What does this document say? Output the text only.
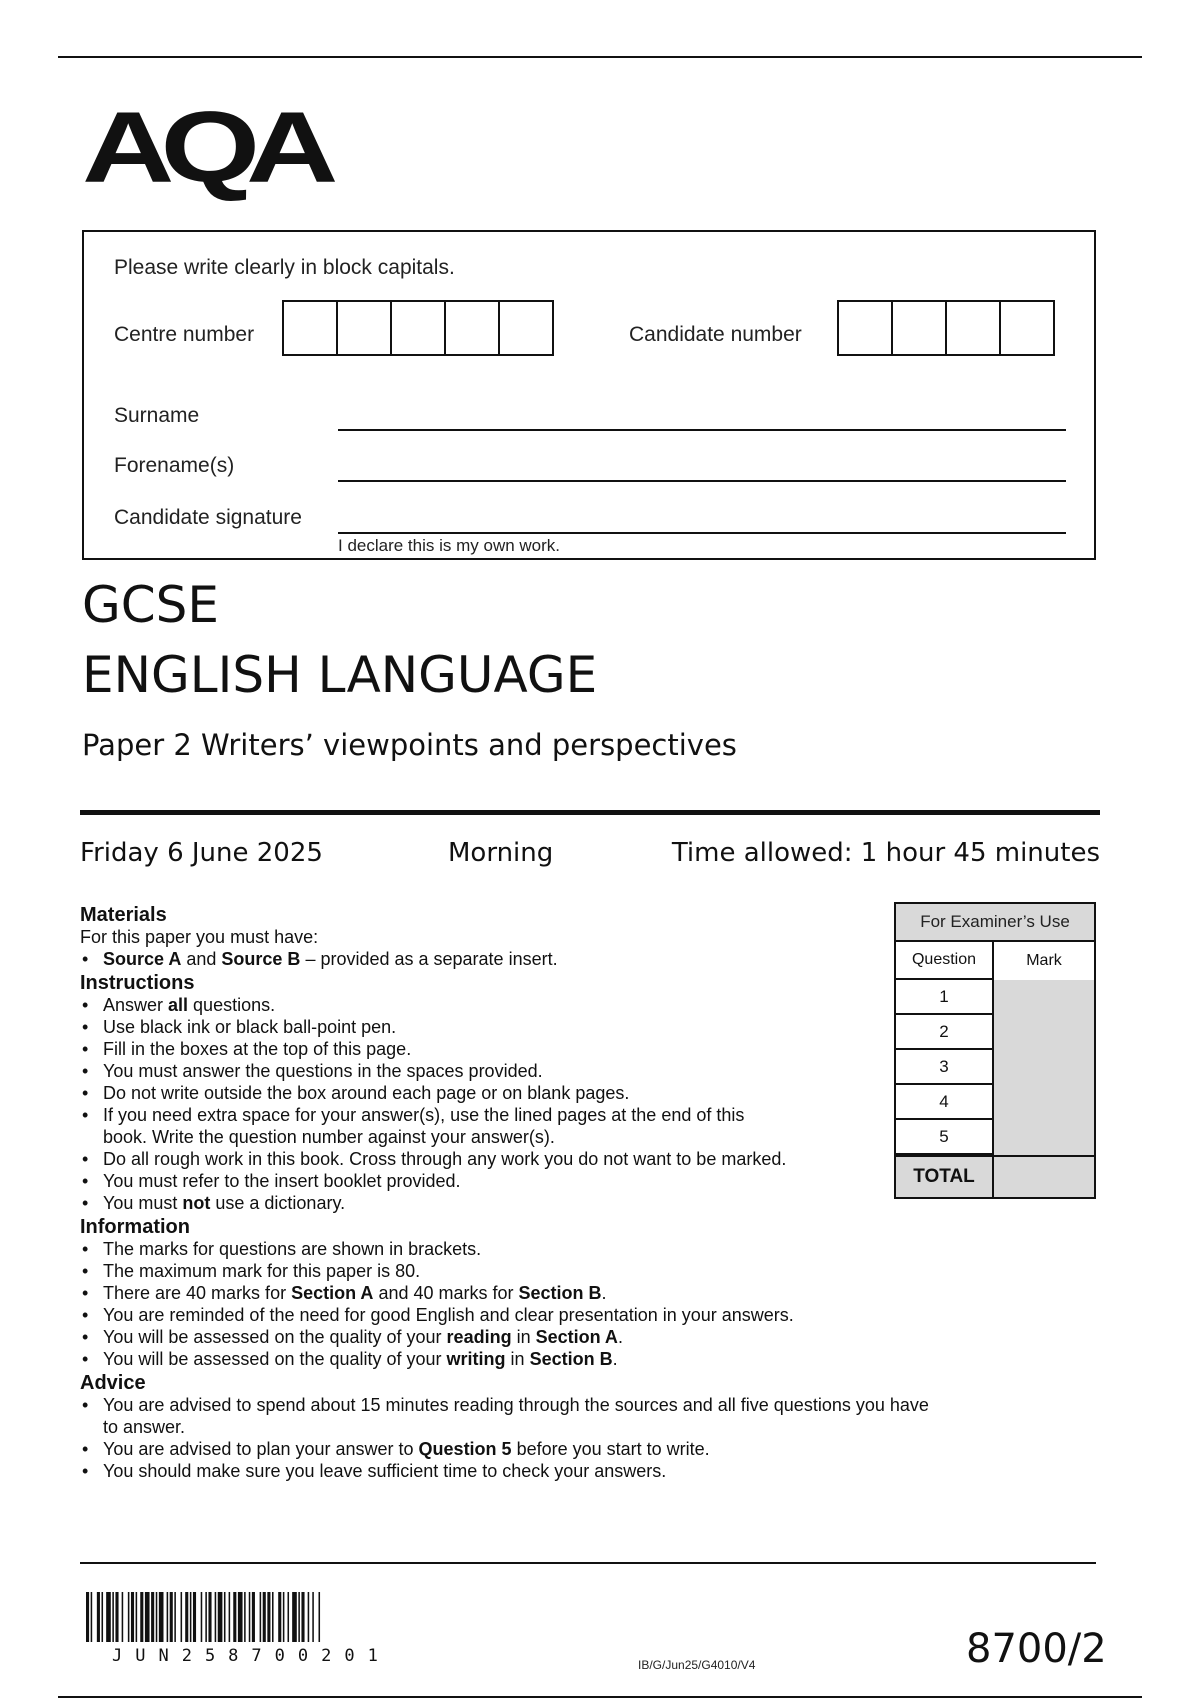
AQA
Please write clearly in block capitals.
Centre number	Candidate number
Surname
Forename(s)
Candidate signature
I declare this is my own work.
GCSE
ENGLISH LANGUAGE
Paper 2 Writers’ viewpoints and perspectives
Friday 6 June 2025	Morning	Time allowed: 1 hour 45 minutes
Materials
For this paper you must have:
• Source A and Source B – provided as a separate insert.
Instructions
• Answer all questions.
• Use black ink or black ball-point pen.
• Fill in the boxes at the top of this page.
• You must answer the questions in the spaces provided.
• Do not write outside the box around each page or on blank pages.
• If you need extra space for your answer(s), use the lined pages at the end of this book. Write the question number against your answer(s).
• Do all rough work in this book. Cross through any work you do not want to be marked.
• You must refer to the insert booklet provided.
• You must not use a dictionary.
Information
• The marks for questions are shown in brackets.
• The maximum mark for this paper is 80.
• There are 40 marks for Section A and 40 marks for Section B.
• You are reminded of the need for good English and clear presentation in your answers.
• You will be assessed on the quality of your reading in Section A.
• You will be assessed on the quality of your writing in Section B.
Advice
• You are advised to spend about 15 minutes reading through the sources and all five questions you have to answer.
• You are advised to plan your answer to Question 5 before you start to write.
• You should make sure you leave sufficient time to check your answers.
For Examiner’s Use
Question	Mark
1
2
3
4
5
TOTAL
JUN258700201	IB/G/Jun25/G4010/V4	8700/2
